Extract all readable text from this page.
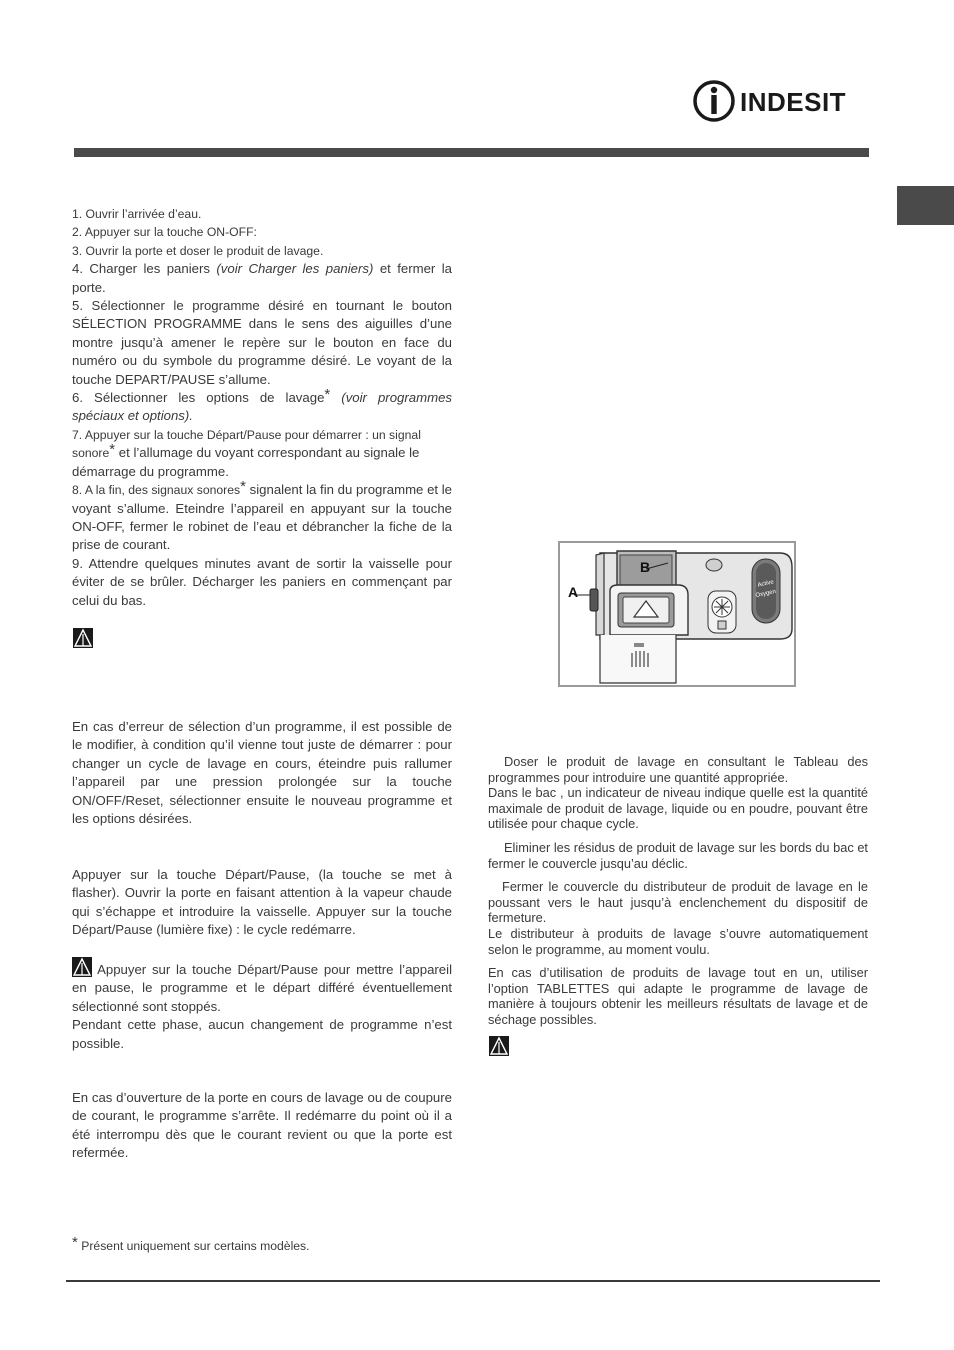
INDESIT

1. Ouvrir l’arrivée d’eau.

2. Appuyer sur la touche ON-OFF:

3. Ouvrir la porte et doser le produit de lavage.

4. Charger les paniers (voir Charger les paniers) et fermer la porte.

5. Sélectionner le programme désiré en tournant le bouton SÉLECTION PROGRAMME dans le sens des aiguilles d’une montre jusqu’à amener le repère sur le bouton en face du numéro ou du symbole du programme désiré. Le voyant de la touche DEPART/PAUSE s’allume.

6. Sélectionner les options de lavage* (voir programmes spéciaux et options).

7. Appuyer sur la touche Départ/Pause pour démarrer : un signal sonore* et l’allumage du voyant correspondant au signale le démarrage du programme.

8. A la fin, des signaux sonores* signalent la fin du programme et le voyant s’allume. Eteindre l’appareil en appuyant sur la touche ON-OFF, fermer le robinet de l’eau et débrancher la fiche de la prise de courant.

9. Attendre quelques minutes avant de sortir la vaisselle pour éviter de se brûler. Décharger les paniers en commençant par celui du bas.

En cas d’erreur de sélection d’un programme, il est possible de le modifier, à condition qu’il vienne tout juste de démarrer : pour changer un cycle de lavage en cours, éteindre puis rallumer l’appareil par une pression prolongée sur la touche ON/OFF/Reset, sélectionner ensuite le nouveau programme et les options désirées.
Appuyer sur la touche Départ/Pause, (la touche se met à flasher). Ouvrir la porte en faisant attention à la vapeur chaude qui s’échappe et introduire la vaisselle. Appuyer sur la touche Départ/Pause (lumière fixe) : le cycle redémarre.

Appuyer sur la touche Départ/Pause pour mettre l’appareil en pause, le programme et le départ différé éventuellement sélectionné sont stoppés.

Pendant cette phase, aucun changement de programme n’est possible.

En cas d’ouverture de la porte en cours de lavage ou de coupure de courant, le programme s’arrête. Il redémarre du point où il a été interrompu dès que le courant revient ou que la porte est refermée.
* Présent uniquement sur certains modèles.
Active
Oxygen
A
B

Doser le produit de lavage en consultant le Tableau des programmes pour introduire une quantité appropriée.

Dans le bac , un indicateur de niveau indique quelle est la quantité maximale de produit de lavage, liquide ou en poudre, pouvant être utilisée pour chaque cycle.

Eliminer les résidus de produit de lavage sur les bords du bac et fermer le couvercle jusqu’au déclic.

Fermer le couvercle du distributeur de produit de lavage en le poussant vers le haut jusqu’à enclenchement du dispositif de fermeture.

Le distributeur à produits de lavage s’ouvre automatiquement selon le programme, au moment voulu.

En cas d’utilisation de produits de lavage tout en un, utiliser l’option TABLETTES qui adapte le programme de lavage de manière à toujours obtenir les meilleurs résultats de lavage et de séchage possibles.
